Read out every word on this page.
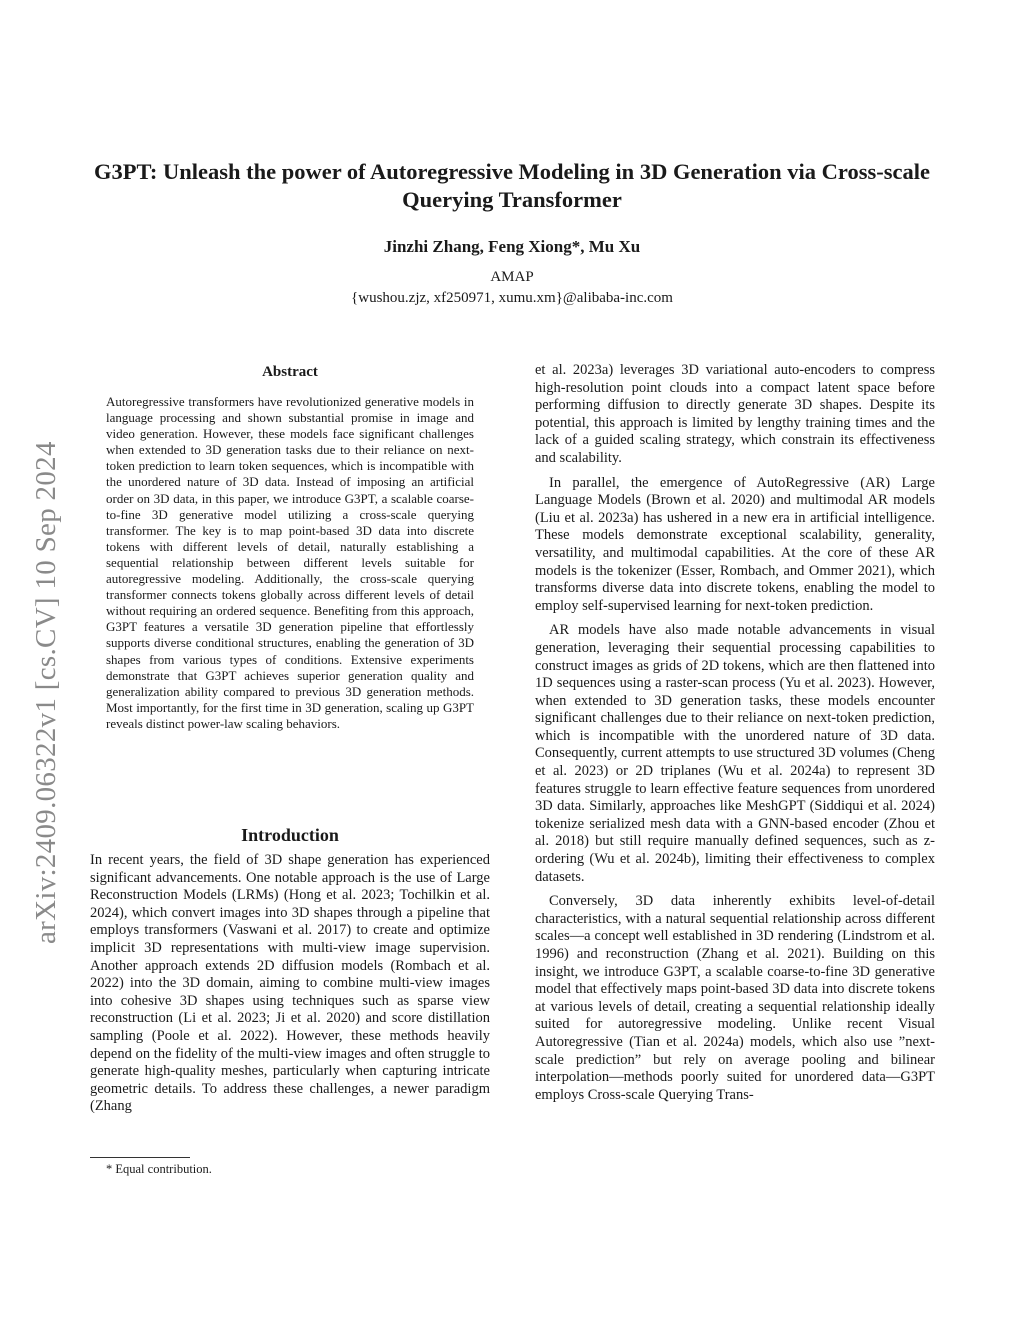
arXiv:2409.06322v1 [cs.CV] 10 Sep 2024
G3PT: Unleash the power of Autoregressive Modeling in 3D Generation via Cross-scale Querying Transformer
Jinzhi Zhang, Feng Xiong*, Mu Xu
AMAP
{wushou.zjz, xf250971, xumu.xm}@alibaba-inc.com
Abstract

Autoregressive transformers have revolutionized generative models in language processing and shown substantial promise in image and video generation. However, these models face significant challenges when extended to 3D generation tasks due to their reliance on next-token prediction to learn token sequences, which is incompatible with the unordered nature of 3D data. Instead of imposing an artificial order on 3D data, in this paper, we introduce G3PT, a scalable coarse-to-fine 3D generative model utilizing a cross-scale querying transformer. The key is to map point-based 3D data into discrete tokens with different levels of detail, naturally establishing a sequential relationship between different levels suitable for autoregressive modeling. Additionally, the cross-scale querying transformer connects tokens globally across different levels of detail without requiring an ordered sequence. Benefiting from this approach, G3PT features a versatile 3D generation pipeline that effortlessly supports diverse conditional structures, enabling the generation of 3D shapes from various types of conditions. Extensive experiments demonstrate that G3PT achieves superior generation quality and generalization ability compared to previous 3D generation methods. Most importantly, for the first time in 3D generation, scaling up G3PT reveals distinct power-law scaling behaviors.

Introduction

In recent years, the field of 3D shape generation has experienced significant advancements. One notable approach is the use of Large Reconstruction Models (LRMs) (Hong et al. 2023; Tochilkin et al. 2024), which convert images into 3D shapes through a pipeline that employs transformers (Vaswani et al. 2017) to create and optimize implicit 3D representations with multi-view image supervision. Another approach extends 2D diffusion models (Rombach et al. 2022) into the 3D domain, aiming to combine multi-view images into cohesive 3D shapes using techniques such as sparse view reconstruction (Li et al. 2023; Ji et al. 2020) and score distillation sampling (Poole et al. 2022). However, these methods heavily depend on the fidelity of the multi-view images and often struggle to generate high-quality meshes, particularly when capturing intricate geometric details. To address these challenges, a newer paradigm (Zhang

et al. 2023a) leverages 3D variational auto-encoders to compress high-resolution point clouds into a compact latent space before performing diffusion to directly generate 3D shapes. Despite its potential, this approach is limited by lengthy training times and the lack of a guided scaling strategy, which constrain its effectiveness and scalability.

In parallel, the emergence of AutoRegressive (AR) Large Language Models (Brown et al. 2020) and multimodal AR models (Liu et al. 2023a) has ushered in a new era in artificial intelligence. These models demonstrate exceptional scalability, generality, versatility, and multimodal capabilities. At the core of these AR models is the tokenizer (Esser, Rombach, and Ommer 2021), which transforms diverse data into discrete tokens, enabling the model to employ self-supervised learning for next-token prediction.

AR models have also made notable advancements in visual generation, leveraging their sequential processing capabilities to construct images as grids of 2D tokens, which are then flattened into 1D sequences using a raster-scan process (Yu et al. 2023). However, when extended to 3D generation tasks, these models encounter significant challenges due to their reliance on next-token prediction, which is incompatible with the unordered nature of 3D data. Consequently, current attempts to use structured 3D volumes (Cheng et al. 2023) or 2D triplanes (Wu et al. 2024a) to represent 3D features struggle to learn effective feature sequences from unordered 3D data. Similarly, approaches like MeshGPT (Siddiqui et al. 2024) tokenize serialized mesh data with a GNN-based encoder (Zhou et al. 2018) but still require manually defined sequences, such as z-ordering (Wu et al. 2024b), limiting their effectiveness to complex datasets.

Conversely, 3D data inherently exhibits level-of-detail characteristics, with a natural sequential relationship across different scales—a concept well established in 3D rendering (Lindstrom et al. 1996) and reconstruction (Zhang et al. 2021). Building on this insight, we introduce G3PT, a scalable coarse-to-fine 3D generative model that effectively maps point-based 3D data into discrete tokens at various levels of detail, creating a sequential relationship ideally suited for autoregressive modeling. Unlike recent Visual Autoregressive (Tian et al. 2024a) models, which also use ”next-scale prediction” but rely on average pooling and bilinear interpolation—methods poorly suited for unordered data—G3PT employs Cross-scale Querying Trans-

* Equal contribution.
